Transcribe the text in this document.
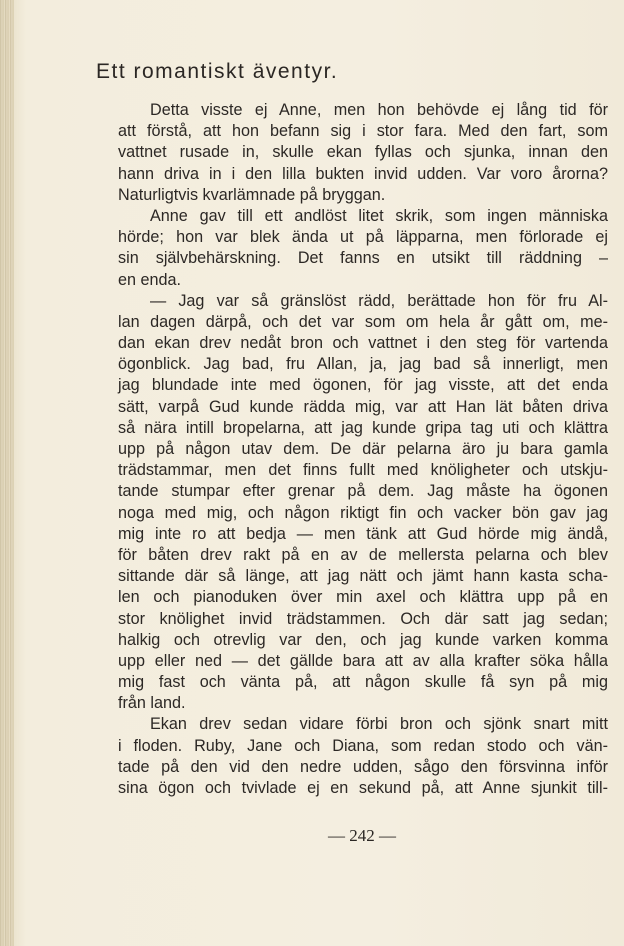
Ett romantiskt äventyr.
Detta visste ej Anne, men hon behövde ej lång tid för
att förstå, att hon befann sig i stor fara. Med den fart, som
vattnet rusade in, skulle ekan fyllas och sjunka, innan den
hann driva in i den lilla bukten invid udden. Var voro årorna?
Naturligtvis kvarlämnade på bryggan.
Anne gav till ett andlöst litet skrik, som ingen människa
hörde; hon var blek ända ut på läpparna, men förlorade ej
sin självbehärskning. Det fanns en utsikt till räddning –
en enda.
— Jag var så gränslöst rädd, berättade hon för fru Al-
lan dagen därpå, och det var som om hela år gått om, me-
dan ekan drev nedåt bron och vattnet i den steg för vartenda
ögonblick. Jag bad, fru Allan, ja, jag bad så innerligt, men
jag blundade inte med ögonen, för jag visste, att det enda
sätt, varpå Gud kunde rädda mig, var att Han lät båten driva
så nära intill bropelarna, att jag kunde gripa tag uti och klättra
upp på någon utav dem. De där pelarna äro ju bara gamla
trädstammar, men det finns fullt med knöligheter och utskju-
tande stumpar efter grenar på dem. Jag måste ha ögonen
noga med mig, och någon riktigt fin och vacker bön gav jag
mig inte ro att bedja — men tänk att Gud hörde mig ändå,
för båten drev rakt på en av de mellersta pelarna och blev
sittande där så länge, att jag nätt och jämt hann kasta scha-
len och pianoduken över min axel och klättra upp på en
stor knölighet invid trädstammen. Och där satt jag sedan;
halkig och otrevlig var den, och jag kunde varken komma
upp eller ned — det gällde bara att av alla krafter söka hålla
mig fast och vänta på, att någon skulle få syn på mig
från land.
Ekan drev sedan vidare förbi bron och sjönk snart mitt
i floden. Ruby, Jane och Diana, som redan stodo och vän-
tade på den vid den nedre udden, sågo den försvinna inför
sina ögon och tvivlade ej en sekund på, att Anne sjunkit till-
— 242 —
